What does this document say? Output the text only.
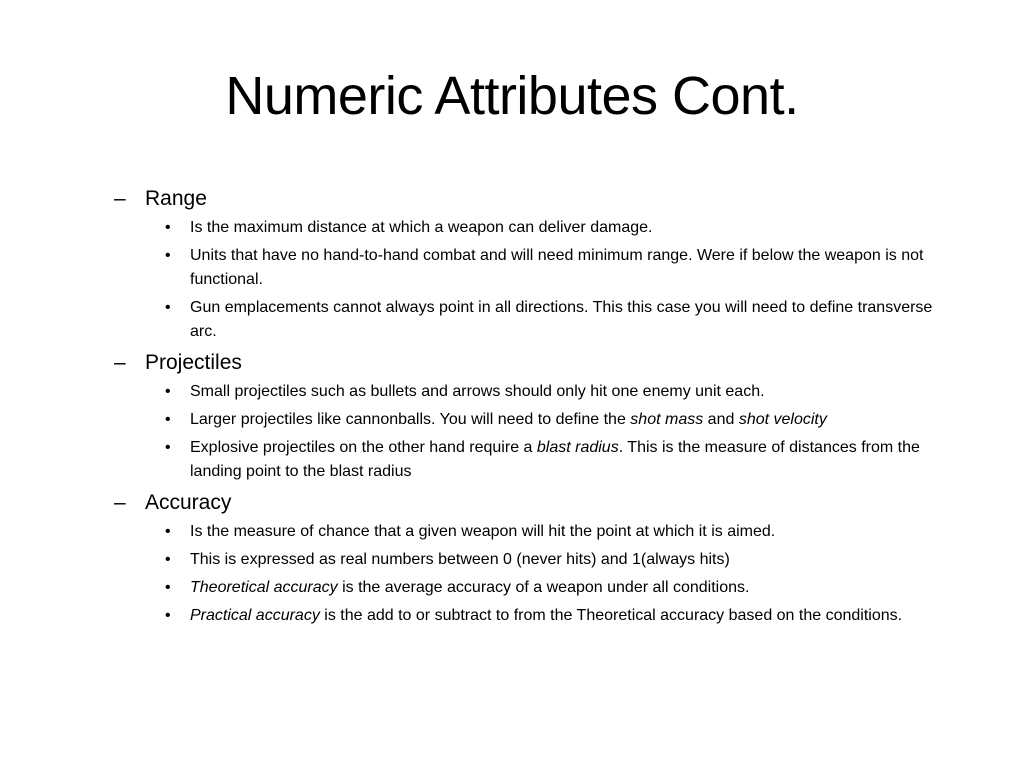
Numeric Attributes Cont.
– Range
• Is the maximum distance at which a weapon can deliver damage.
• Units that have no hand-to-hand combat and will need minimum range. Were if below the weapon is not functional.
• Gun emplacements cannot always point in all directions. This this case you will need to define transverse arc.
– Projectiles
• Small projectiles such as bullets and arrows should only hit one enemy unit each.
• Larger projectiles like cannonballs. You will need to define the shot mass and shot velocity
• Explosive projectiles on the other hand require a blast radius. This is the measure of distances from the landing point to the blast radius
– Accuracy
• Is the measure of chance that a given weapon will hit the point at which it is aimed.
• This is expressed as real numbers between 0 (never hits) and 1(always hits)
• Theoretical accuracy is the average accuracy of a weapon under all conditions.
• Practical accuracy is the add to or subtract to from the Theoretical accuracy based on the conditions.
